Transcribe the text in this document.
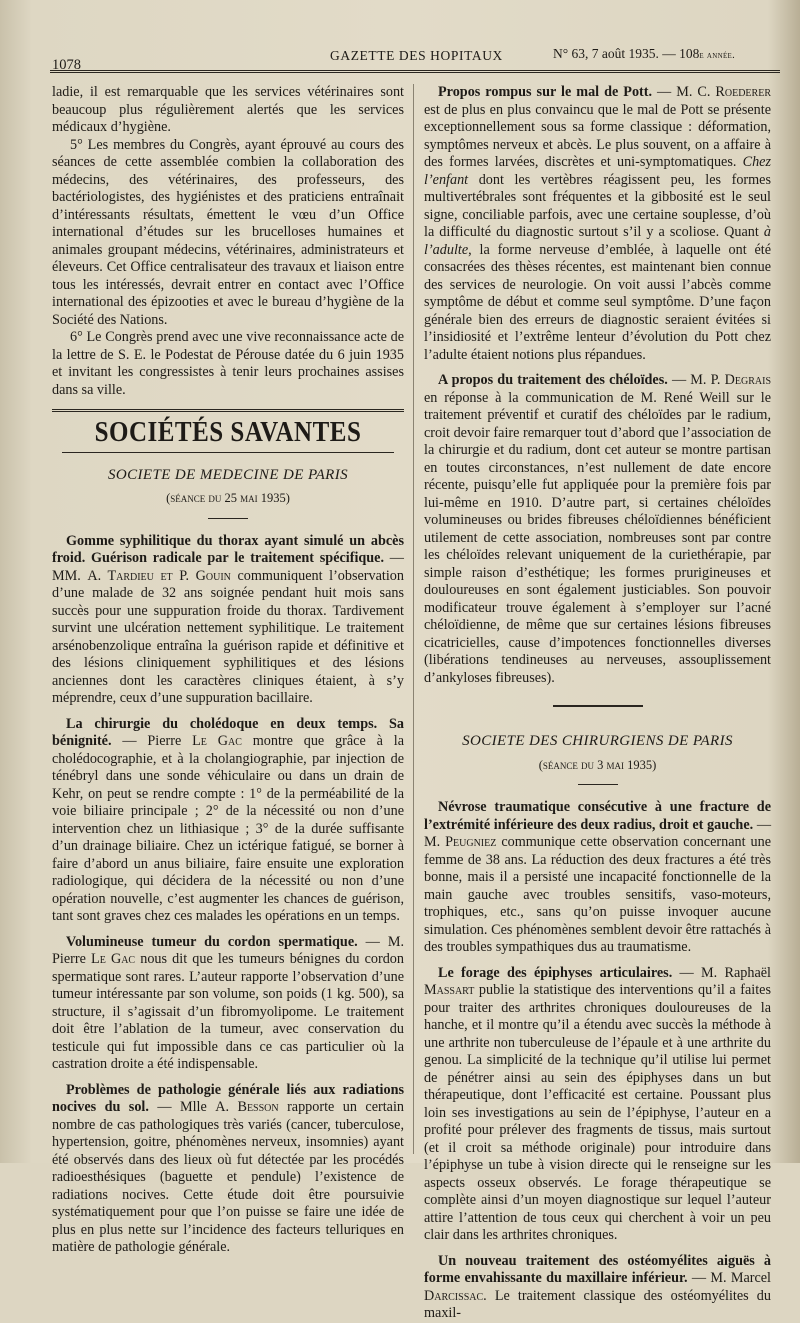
1078
GAZETTE DES HOPITAUX	N° 63, 7 août 1935. — 108e année.

ladie, il est remarquable que les services vétérinaires sont beaucoup plus régulièrement alertés que les services médicaux d’hygiène.

5° Les membres du Congrès, ayant éprouvé au cours des séances de cette assemblée combien la collaboration des médecins, des vétérinaires, des professeurs, des bactériologistes, des hygiénistes et des praticiens entraînait d’intéressants résultats, émettent le vœu d’un Office international d’études sur les brucelloses humaines et animales groupant médecins, vétérinaires, administrateurs et éleveurs. Cet Office centralisateur des travaux et liaison entre tous les intéressés, devrait entrer en contact avec l’Office international des épizooties et avec le bureau d’hygiène de la Société des Nations.

6° Le Congrès prend avec une vive reconnaissance acte de la lettre de S. E. le Podestat de Pérouse datée du 6 juin 1935 et invitant les congressistes à tenir leurs prochaines assises dans sa ville.

SOCIÉTÉS SAVANTES
SOCIETE DE MEDECINE DE PARIS
(séance du 25 mai 1935)

Gomme syphilitique du thorax ayant simulé un abcès froid. Guérison radicale par le traitement spécifique. — MM. A. Tardieu et P. Gouin communiquent l’observation d’une malade de 32 ans soignée pendant huit mois sans succès pour une suppuration froide du thorax. Tardivement survint une ulcération nettement syphilitique. Le traitement arsénobenzolique entraîna la guérison rapide et définitive et des lésions cliniquement syphilitiques et des lésions anciennes dont les caractères cliniques étaient, à s’y méprendre, ceux d’une suppuration bacillaire.

La chirurgie du cholédoque en deux temps. Sa bénignité. — Pierre Le Gac montre que grâce à la cholédocographie, et à la cholangiographie, par injection de ténébryl dans une sonde véhiculaire ou dans un drain de Kehr, on peut se rendre compte : 1° de la perméabilité de la voie biliaire principale ; 2° de la nécessité ou non d’une intervention chez un lithiasique ; 3° de la durée suffisante d’un drainage biliaire. Chez un ictérique fatigué, se borner à faire d’abord un anus biliaire, faire ensuite une exploration radiologique, qui décidera de la nécessité ou non d’une opération nouvelle, c’est augmenter les chances de guérison, tant sont graves chez ces malades les opérations en un temps.

Volumineuse tumeur du cordon spermatique. — M. Pierre Le Gac nous dit que les tumeurs bénignes du cordon spermatique sont rares. L’auteur rapporte l’observation d’une tumeur intéressante par son volume, son poids (1 kg. 500), sa structure, il s’agissait d’un fibromyolipome. Le traitement doit être l’ablation de la tumeur, avec conservation du testicule qui fut impossible dans ce cas particulier où la castration droite a été indispensable.

Problèmes de pathologie générale liés aux radiations nocives du sol. — Mlle A. Besson rapporte un certain nombre de cas pathologiques très variés (cancer, tuberculose, hypertension, goitre, phénomènes nerveux, insomnies) ayant été observés dans des lieux où fut détectée par les procédés radioesthésiques (baguette et pendule) l’existence de radiations nocives. Cette étude doit être poursuivie systématiquement pour que l’on puisse se faire une idée de plus en plus nette sur l’incidence des facteurs telluriques en matière de pathologie générale.

Propos rompus sur le mal de Pott. — M. C. Roederer est de plus en plus convaincu que le mal de Pott se présente exceptionnellement sous sa forme classique : déformation, symptômes nerveux et abcès. Le plus souvent, on a affaire à des formes larvées, discrètes et uni-symptomatiques. Chez l’enfant dont les vertèbres réagissent peu, les formes multivertébrales sont fréquentes et la gibbosité est le seul signe, conciliable parfois, avec une certaine souplesse, d’où la difficulté du diagnostic surtout s’il y a scoliose. Quant à l’adulte, la forme nerveuse d’emblée, à laquelle ont été consacrées des thèses récentes, est maintenant bien connue des services de neurologie. On voit aussi l’abcès comme symptôme de début et comme seul symptôme. D’une façon générale bien des erreurs de diagnostic seraient évitées si l’insidiosité et l’extrême lenteur d’évolution du Pott chez l’adulte étaient notions plus répandues.

A propos du traitement des chéloïdes. — M. P. Degrais en réponse à la communication de M. René Weill sur le traitement préventif et curatif des chéloïdes par le radium, croit devoir faire remarquer tout d’abord que l’association de la chirurgie et du radium, dont cet auteur se montre partisan en toutes circonstances, n’est nullement de date encore récente, puisqu’elle fut appliquée pour la première fois par lui-même en 1910. D’autre part, si certaines chéloïdes volumineuses ou brides fibreuses chéloïdiennes bénéficient utilement de cette association, nombreuses sont par contre les chéloïdes relevant uniquement de la curiethérapie, par simple raison d’esthétique; les formes prurigineuses et douloureuses en sont également justiciables. Son pouvoir modificateur trouve également à s’employer sur l’acné chéloïdienne, de même que sur certaines lésions fibreuses cicatricielles, cause d’impotences fonctionnelles diverses (libérations tendineuses au nerveuses, assouplissement d’ankyloses fibreuses).

SOCIETE DES CHIRURGIENS DE PARIS
(séance du 3 mai 1935)

Névrose traumatique consécutive à une fracture de l’extrémité inférieure des deux radius, droit et gauche. — M. Peugniez communique cette observation concernant une femme de 38 ans. La réduction des deux fractures a été très bonne, mais il a persisté une incapacité fonctionnelle de la main gauche avec troubles sensitifs, vaso-moteurs, trophiques, etc., sans qu’on puisse invoquer aucune simulation. Ces phénomènes semblent devoir être rattachés à des troubles sympathiques dus au traumatisme.

Le forage des épiphyses articulaires. — M. Raphaël Massart publie la statistique des interventions qu’il a faites pour traiter des arthrites chroniques douloureuses de la hanche, et il montre qu’il a étendu avec succès la méthode à une arthrite non tuberculeuse de l’épaule et à une arthrite du genou. La simplicité de la technique qu’il utilise lui permet de pénétrer ainsi au sein des épiphyses dans un but thérapeutique, dont l’efficacité est certaine. Poussant plus loin ses investigations au sein de l’épiphyse, l’auteur en a profité pour prélever des fragments de tissus, mais surtout (et il croit sa méthode originale) pour introduire dans l’épiphyse un tube à vision directe qui le renseigne sur les aspects osseux observés. Le forage thérapeutique se complète ainsi d’un moyen diagnostique sur lequel l’auteur attire l’attention de tous ceux qui cherchent à voir un peu clair dans les arthrites chroniques.

Un nouveau traitement des ostéomyélites aiguës à forme envahissante du maxillaire inférieur. — M. Marcel Darcissac. Le traitement classique des ostéomyélites du maxil-
